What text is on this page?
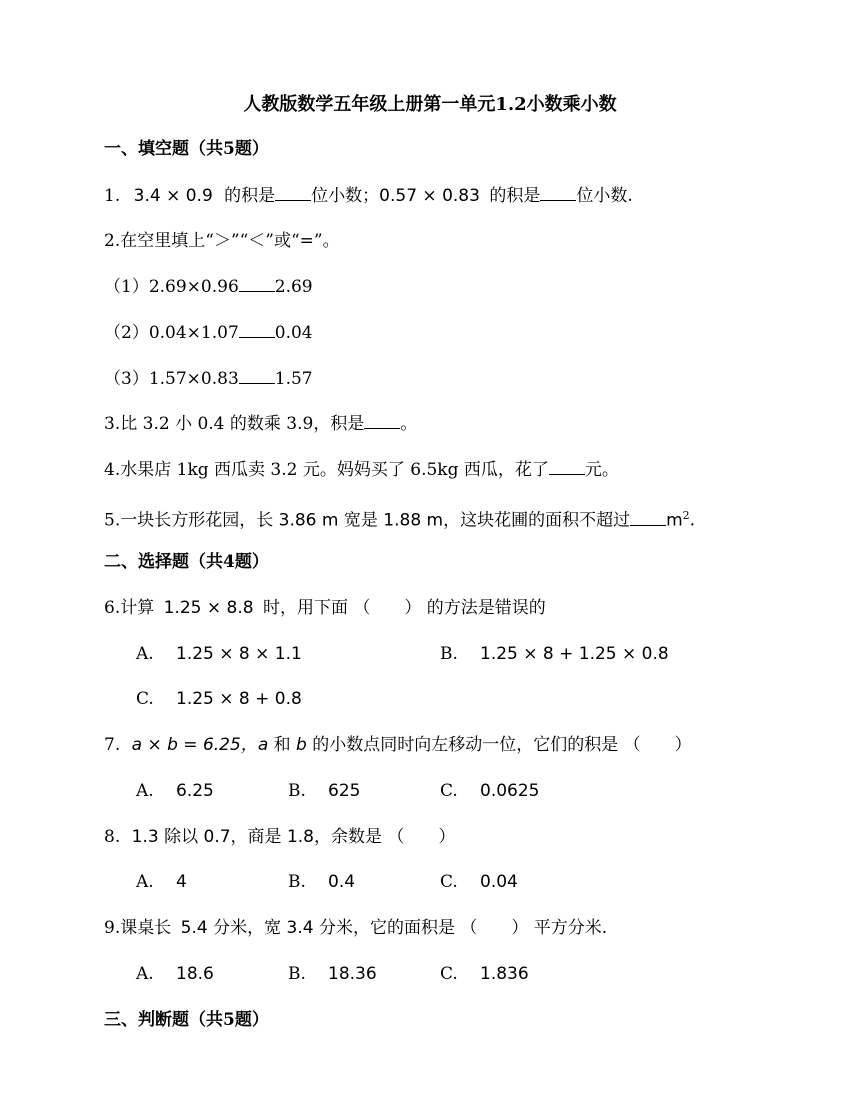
人教版数学五年级上册第一单元1.2小数乘小数
一、填空题（共5题）
1. 3.4 × 0.9 的积是 位小数；0.57 × 0.83 的积是 位小数.
2.在空里填上“＞”“＜”或“=”。
（1）2.69×0.96 2.69
（2）0.04×1.07 0.04
（3）1.57×0.83 1.57
3.比 3.2 小 0.4 的数乘 3.9，积是 。
4.水果店 1kg 西瓜卖 3.2 元。妈妈买了 6.5kg 西瓜，花了 元。
5.一块长方形花园，长 3.86 m 宽是 1.88 m，这块花圃的面积不超过 $m^2$.
二、选择题（共4题）
6.计算 1.25 × 8.8 时，用下面 （　　） 的方法是错误的
A. 1.25 × 8 × 1.1	B. 1.25 × 8 + 1.25 × 0.8
C. 1.25 × 8 + 0.8
7. a × b = 6.25，a 和 b 的小数点同时向左移动一位，它们的积是 （　　）
A. 6.25	B. 625	C. 0.0625
8. 1.3 除以 0.7，商是 1.8，余数是 （　　）
A. 4	B. 0.4	C. 0.04
9.课桌长 5.4 分米，宽 3.4 分米，它的面积是 （　　） 平方分米.
A. 18.6	B. 18.36	C. 1.836
三、判断题（共5题）
